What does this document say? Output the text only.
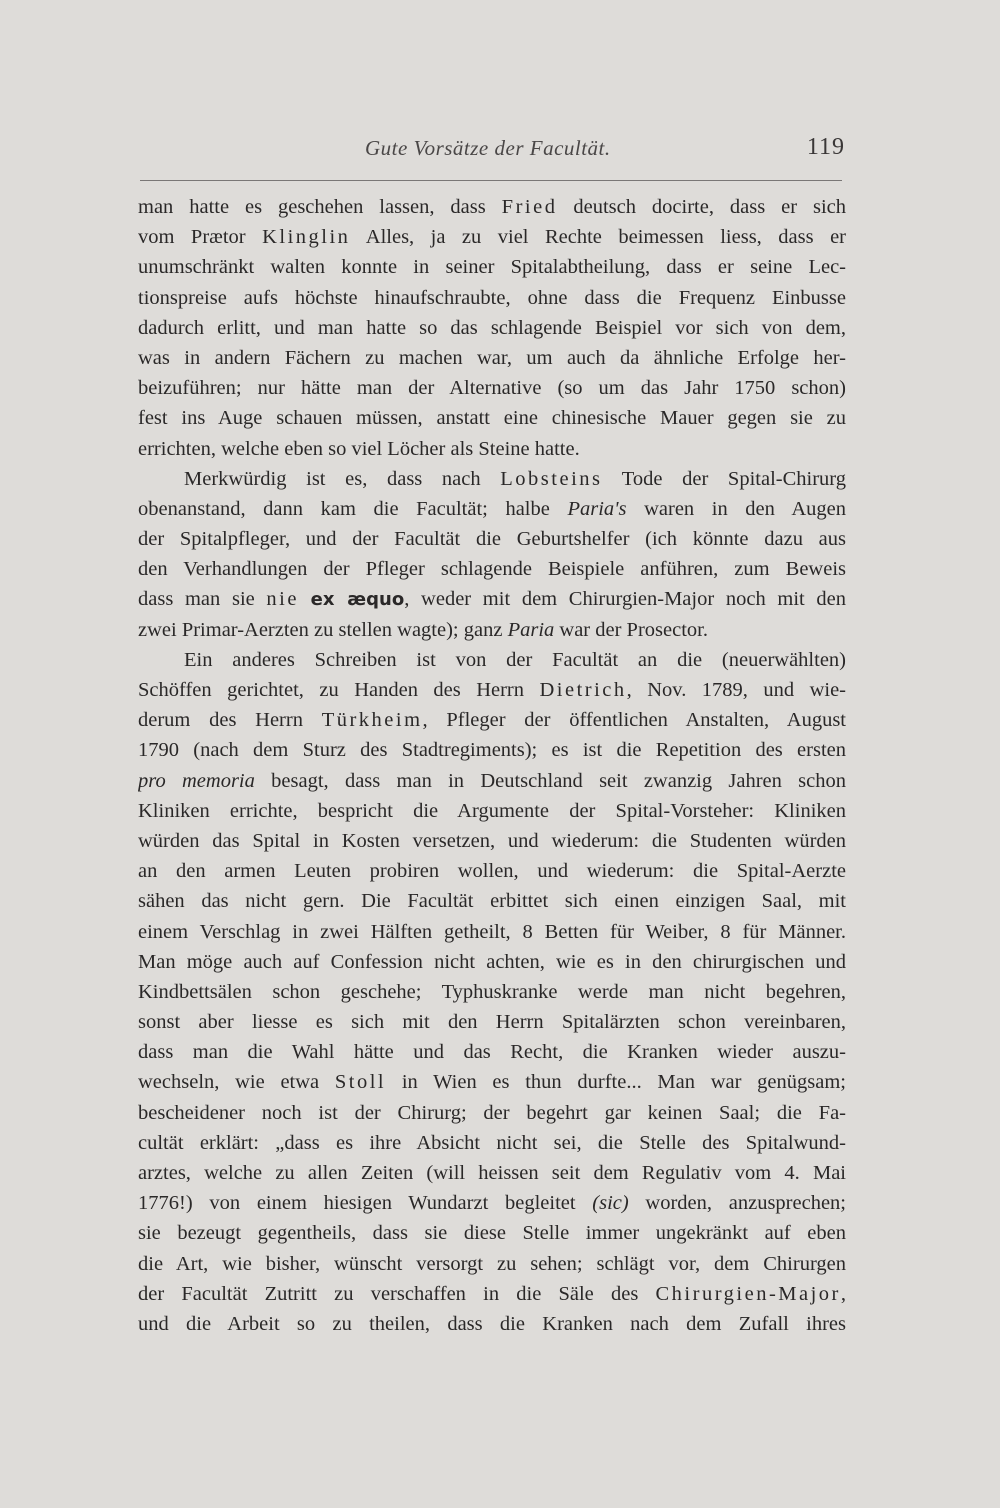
Gute Vorsätze der Facultät.	119
man hatte es geschehen lassen, dass Fried deutsch docirte, dass er sich
vom Prætor Klinglin Alles, ja zu viel Rechte beimessen liess, dass er
unumschränkt walten konnte in seiner Spitalabtheilung, dass er seine Lec-
tionspreise aufs höchste hinaufschraubte, ohne dass die Frequenz Einbusse
dadurch erlitt, und man hatte so das schlagende Beispiel vor sich von dem,
was in andern Fächern zu machen war, um auch da ähnliche Erfolge her-
beizuführen; nur hätte man der Alternative (so um das Jahr 1750 schon)
fest ins Auge schauen müssen, anstatt eine chinesische Mauer gegen sie zu
errichten, welche eben so viel Löcher als Steine hatte.
Merkwürdig ist es, dass nach Lobsteins Tode der Spital-Chirurg
obenanstand, dann kam die Facultät; halbe Paria's waren in den Augen
der Spitalpfleger, und der Facultät die Geburtshelfer (ich könnte dazu aus
den Verhandlungen der Pfleger schlagende Beispiele anführen, zum Beweis
dass man sie nie ex æquo, weder mit dem Chirurgien-Major noch mit den
zwei Primar-Aerzten zu stellen wagte); ganz Paria war der Prosector.
Ein anderes Schreiben ist von der Facultät an die (neuerwählten)
Schöffen gerichtet, zu Handen des Herrn Dietrich, Nov. 1789, und wie-
derum des Herrn Türkheim, Pfleger der öffentlichen Anstalten, August
1790 (nach dem Sturz des Stadtregiments); es ist die Repetition des ersten
pro memoria besagt, dass man in Deutschland seit zwanzig Jahren schon
Kliniken errichte, bespricht die Argumente der Spital-Vorsteher: Kliniken
würden das Spital in Kosten versetzen, und wiederum: die Studenten würden
an den armen Leuten probiren wollen, und wiederum: die Spital-Aerzte
sähen das nicht gern. Die Facultät erbittet sich einen einzigen Saal, mit
einem Verschlag in zwei Hälften getheilt, 8 Betten für Weiber, 8 für Männer.
Man möge auch auf Confession nicht achten, wie es in den chirurgischen und
Kindbettsälen schon geschehe; Typhuskranke werde man nicht begehren,
sonst aber liesse es sich mit den Herrn Spitalärzten schon vereinbaren,
dass man die Wahl hätte und das Recht, die Kranken wieder auszu-
wechseln, wie etwa Stoll in Wien es thun durfte... Man war genügsam;
bescheidener noch ist der Chirurg; der begehrt gar keinen Saal; die Fa-
cultät erklärt: „dass es ihre Absicht nicht sei, die Stelle des Spitalwund-
arztes, welche zu allen Zeiten (will heissen seit dem Regulativ vom 4. Mai
1776!) von einem hiesigen Wundarzt begleitet (sic) worden, anzusprechen;
sie bezeugt gegentheils, dass sie diese Stelle immer ungekränkt auf eben
die Art, wie bisher, wünscht versorgt zu sehen; schlägt vor, dem Chirurgen
der Facultät Zutritt zu verschaffen in die Säle des Chirurgien-Major,
und die Arbeit so zu theilen, dass die Kranken nach dem Zufall ihres
